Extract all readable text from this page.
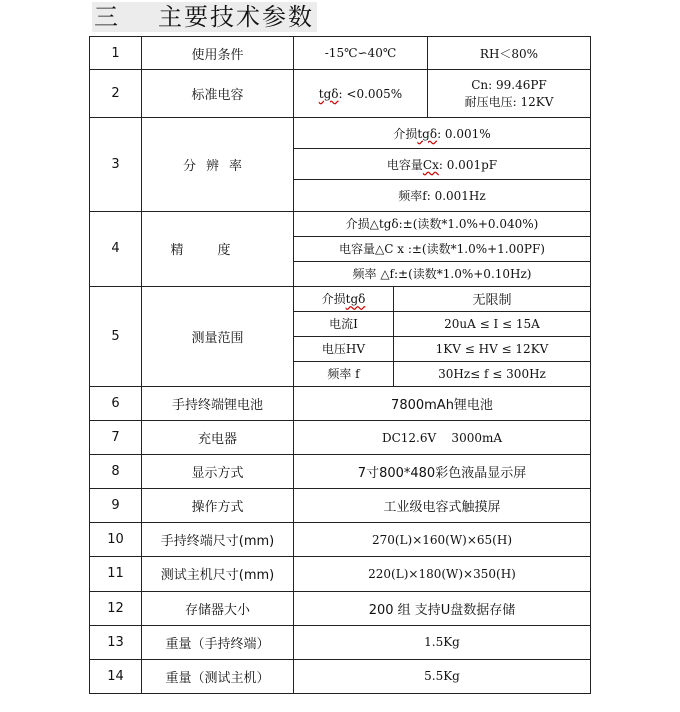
三 主要技术参数
1	使用条件	-15℃∽40℃		RH＜80%
2	标准电容	tgδ: <0.005%		Cn: 99.46PF
耐压电压: 12KV

3	分辨率	介损tgδ: 0.001%		
		电容量Cx: 0.001pF		
		频率f: 0.001Hz		
4	精度	介损△tgδ:±(读数*1.0%+0.040%)		
		电容量△C x :±(读数*1.0%+1.00PF)		
		频率 △f:±(读数*1.0%+0.10Hz)		
5	测量范围	介损tgδ	无限制	
		电流I	20uA ≤ I ≤ 15A	
		电压HV	1KV ≤ HV ≤ 12KV	
		频率 f	30Hz≤ f ≤ 300Hz	
6	手持终端锂电池	7800mAh锂电池		
7	充电器	DC12.6V    3000mA		
8	显示方式	7寸800*480彩色液晶显示屏		
9	操作方式	工业级电容式触摸屏		
10	手持终端尺寸(mm)	270(L)×160(W)×65(H)		
11	测试主机尺寸(mm)	220(L)×180(W)×350(H)		
12	存储器大小	200 组 支持U盘数据存储		
13	重量（手持终端）	1.5Kg		
14	重量（测试主机）	5.5Kg		
